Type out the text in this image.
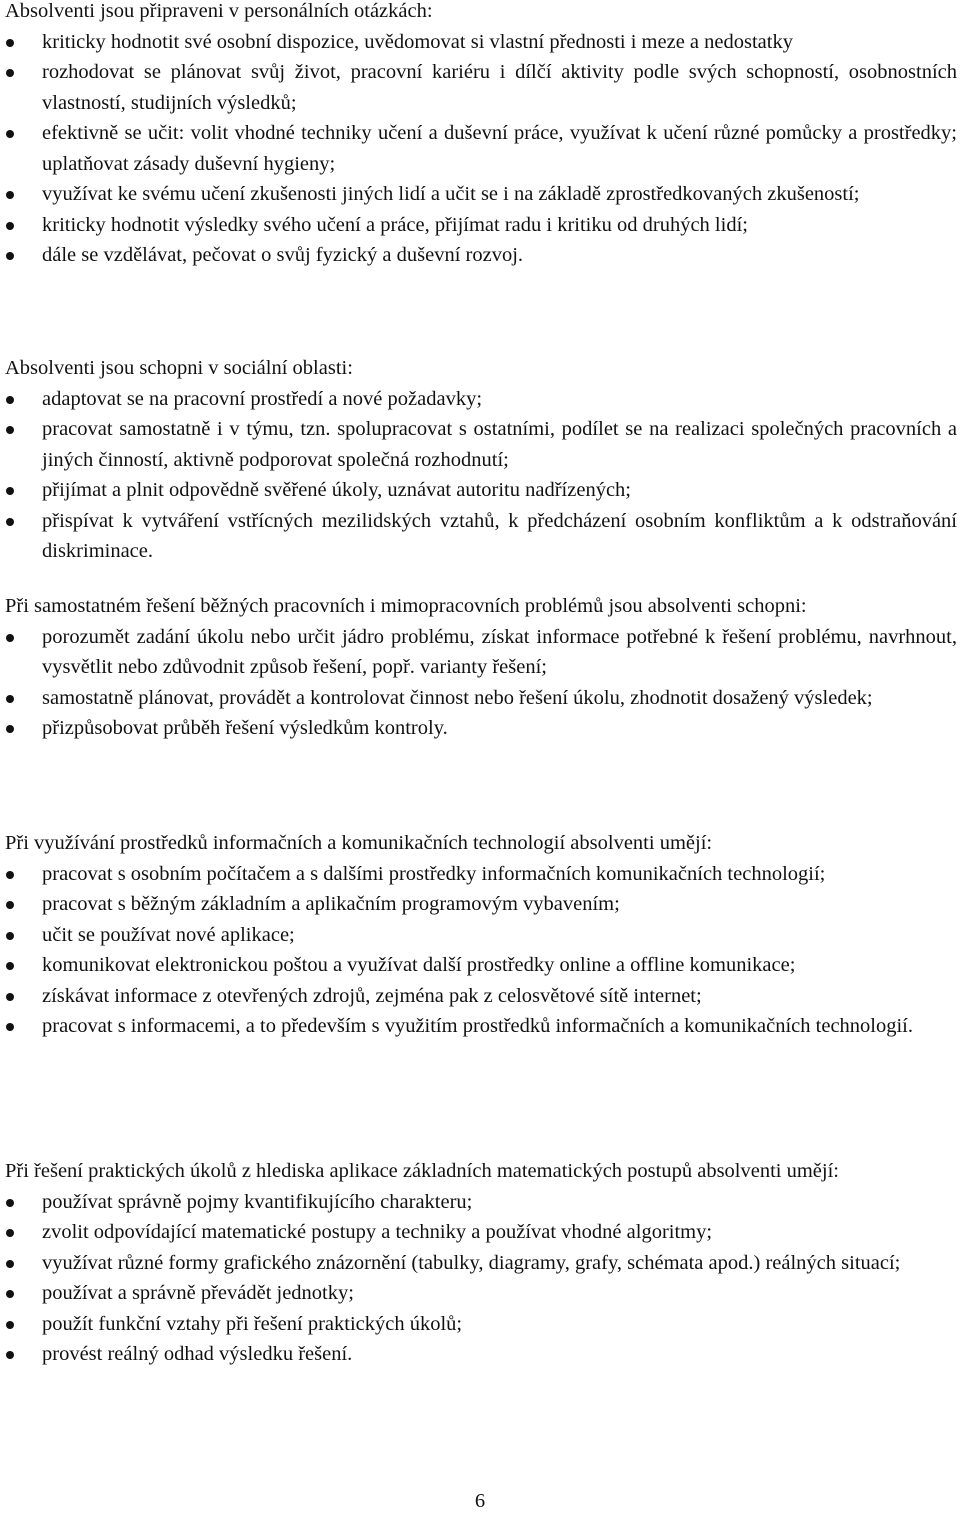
Absolventi jsou připraveni v personálních otázkách:

kriticky hodnotit své osobní dispozice, uvědomovat si vlastní přednosti i meze a nedostatky
rozhodovat se plánovat svůj život, pracovní kariéru i dílčí aktivity podle svých schopností, osobnostních vlastností, studijních výsledků;
efektivně se učit: volit vhodné techniky učení a duševní práce, využívat k učení různé pomůcky a prostředky; uplatňovat zásady duševní hygieny;
využívat ke svému učení zkušenosti jiných lidí a učit se i na základě zprostředkovaných zkušeností;
kriticky hodnotit výsledky svého učení a práce, přijímat radu i kritiku od druhých lidí;
dále se vzdělávat, pečovat o svůj fyzický a duševní rozvoj.

Absolventi jsou schopni v sociální oblasti:

adaptovat se na pracovní prostředí a nové požadavky;
pracovat samostatně i v týmu, tzn. spolupracovat s ostatními, podílet se na realizaci společných pracovních a jiných činností, aktivně podporovat společná rozhodnutí;
přijímat a plnit odpovědně svěřené úkoly, uznávat autoritu nadřízených;
přispívat k vytváření vstřícných mezilidských vztahů, k předcházení osobním konfliktům a k odstraňování diskriminace.

Při samostatném řešení běžných pracovních i mimopracovních problémů jsou absolventi schopni:

porozumět zadání úkolu nebo určit jádro problému, získat informace potřebné k řešení problému, navrhnout, vysvětlit nebo zdůvodnit způsob řešení, popř. varianty řešení;
samostatně plánovat, provádět a kontrolovat činnost nebo řešení úkolu, zhodnotit dosažený výsledek;
přizpůsobovat průběh řešení výsledkům kontroly.

Při využívání prostředků informačních a komunikačních technologií absolventi umějí:

pracovat s osobním počítačem a s dalšími prostředky informačních komunikačních technologií;
pracovat s běžným základním a aplikačním programovým vybavením;
učit se používat nové aplikace;
komunikovat elektronickou poštou a využívat další prostředky online a offline komunikace;
získávat informace z otevřených zdrojů, zejména pak z celosvětové sítě internet;
pracovat s informacemi, a to především s využitím prostředků informačních a komunikačních technologií.

Při řešení praktických úkolů z hlediska aplikace základních matematických postupů absolventi umějí:

používat správně pojmy kvantifikujícího charakteru;
zvolit odpovídající matematické postupy a techniky a používat vhodné algoritmy;
využívat různé formy grafického znázornění (tabulky, diagramy, grafy, schémata apod.) reálných situací;
používat a správně převádět jednotky;
použít funkční vztahy při řešení praktických úkolů;
provést reálný odhad výsledku řešení.
6
